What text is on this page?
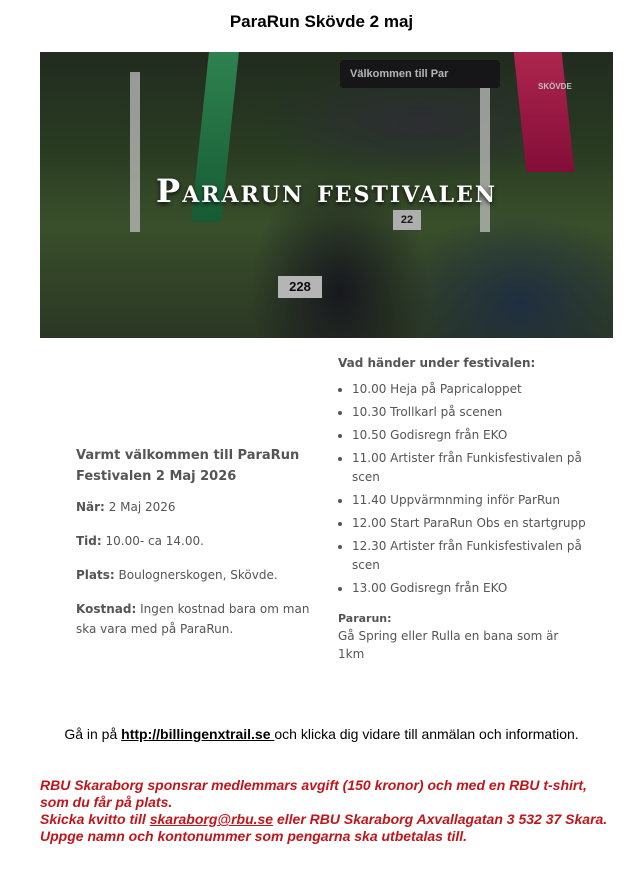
ParaRun Skövde 2 maj
Välkommen till Par
SKÖVDE
228
22
Pararun festivalen
Vad händer under festivalen:
• 10.00 Heja på Papricaloppet
• 10.30 Trollkarl på scenen
• 10.50 Godisregn från EKO
• 11.00 Artister från Funkisfestivalen på scen
• 11.40 Uppvärmnming inför ParRun
• 12.00 Start ParaRun Obs en startgrupp
• 12.30 Artister från Funkisfestivalen på scen
• 13.00 Godisregn från EKO
Pararun:
Gå Spring eller Rulla en bana som är 1km
Varmt välkommen till ParaRun Festivalen 2 Maj 2026

När: 2 Maj 2026

Tid: 10.00- ca 14.00.

Plats: Boulognerskogen, Skövde.

Kostnad: Ingen kostnad bara om man ska vara med på ParaRun.

Gå in på http://billingenxtrail.se och klicka dig vidare till anmälan och information.
RBU Skaraborg sponsrar medlemmars avgift (150 kronor) och med en RBU t-shirt, som du får på plats.
Skicka kvitto till skaraborg@rbu.se eller RBU Skaraborg Axvallagatan 3 532 37 Skara. Uppge namn och kontonummer som pengarna ska utbetalas till.
